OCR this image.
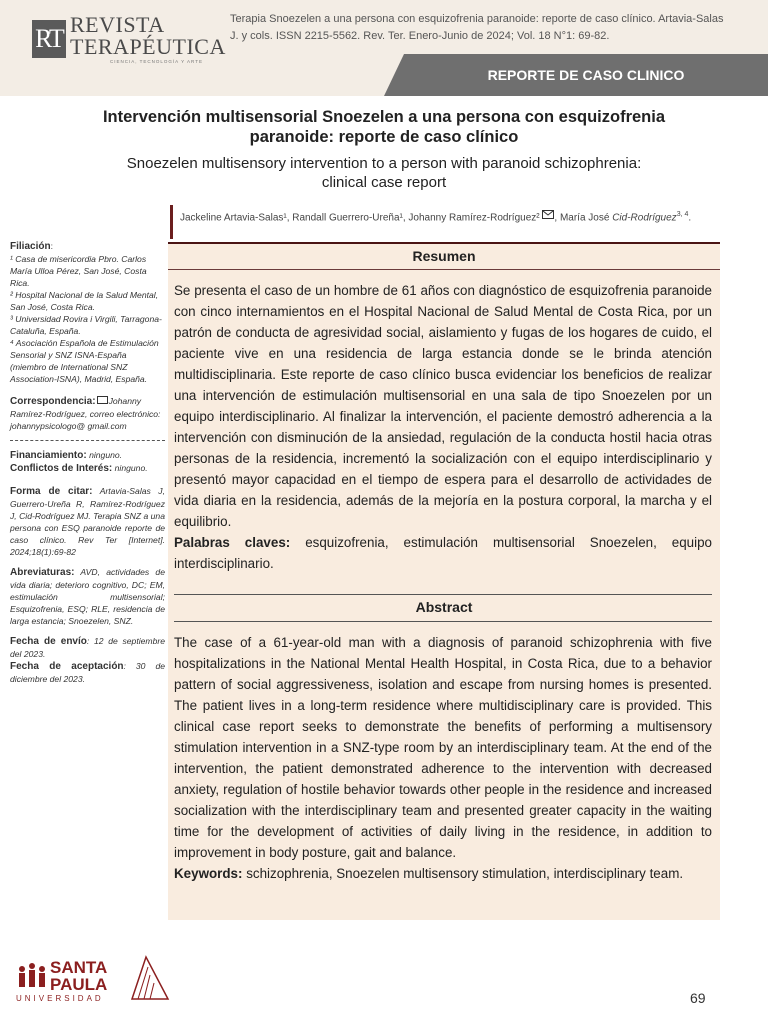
RT REVISTA
TERAPÉUTICA
CIENCIA, TECNOLOGÍA Y ARTE
Terapia Snoezelen a una persona con esquizofrenia paranoide: reporte de caso clínico. Artavia-Salas J. y cols. ISSN 2215-5562. Rev. Ter. Enero-Junio de 2024; Vol. 18 N°1: 69-82.
REPORTE DE CASO CLINICO
Intervención multisensorial Snoezelen a una persona con esquizofrenia paranoide: reporte de caso clínico
Snoezelen multisensory intervention to a person with paranoid schizophrenia:
clinical case report
Jackeline Artavia-Salas¹, Randall Guerrero-Ureña¹, Johanny Ramírez-Rodríguez² , María José Cid-Rodríguez$^{3, 4}$.

Filiación:

¹ Casa de misericordia Pbro. Carlos María Ulloa Pérez, San José, Costa Rica.

² Hospital Nacional de la Salud Mental, San José, Costa Rica.

³ Universidad Rovira i Virgili, Tarragona-Cataluña, España.

⁴ Asociación Española de Estimulación Sensorial y SNZ ISNA-España (miembro de International SNZ Association-ISNA), Madrid, España.

Correspondencia: Johanny Ramírez-Rodríguez, correo electrónico: johannypsicologo@ gmail.com

Financiamiento: ninguno.

Conflictos de Interés: ninguno.

Forma de citar: Artavia-Salas J, Guerrero-Ureña R, Ramírez-Rodríguez J, Cid-Rodríguez MJ. Terapia SNZ a una persona con ESQ paranoide reporte de caso clínico. Rev Ter [Internet]. 2024;18(1):69-82

Abreviaturas: AVD, actividades de vida diaria; deterioro cognitivo, DC; EM, estimulación multisensorial; Esquizofrenia, ESQ; RLE, residencia de larga estancia; Snoezelen, SNZ.

Fecha de envío: 12 de septiembre del 2023.

Fecha de aceptación: 30 de diciembre del 2023.

Resumen

Se presenta el caso de un hombre de 61 años con diagnóstico de esquizofrenia paranoide con cinco internamientos en el Hospital Nacional de Salud Mental de Costa Rica, por un patrón de conducta de agresividad social, aislamiento y fugas de los hogares de cuido, el paciente vive en una residencia de larga estancia donde se le brinda atención multidisciplinaria. Este reporte de caso clínico busca evidenciar los beneficios de realizar una intervención de estimulación multisensorial en una sala de tipo Snoezelen por un equipo interdisciplinario. Al finalizar la intervención, el paciente demostró adherencia a la intervención con disminución de la ansiedad, regulación de la conducta hostil hacia otras personas de la residencia, incrementó la socialización con el equipo interdisciplinario y presentó mayor capacidad en el tiempo de espera para el desarrollo de actividades de vida diaria en la residencia, además de la mejoría en la postura corporal, la marcha y el equilibrio.

Palabras claves: esquizofrenia, estimulación multisensorial Snoezelen, equipo interdisciplinario.

Abstract

The case of a 61-year-old man with a diagnosis of paranoid schizophrenia with five hospitalizations in the National Mental Health Hospital, in Costa Rica, due to a behavior pattern of social aggressiveness, isolation and escape from nursing homes is presented. The patient lives in a long-term residence where multidisciplinary care is provided. This clinical case report seeks to demonstrate the benefits of performing a multisensory stimulation intervention in a SNZ-type room by an interdisciplinary team. At the end of the intervention, the patient demonstrated adherence to the intervention with decreased anxiety, regulation of hostile behavior towards other people in the residence and increased socialization with the interdisciplinary team and presented greater capacity in the waiting time for the development of activities of daily living in the residence, in addition to improvement in body posture, gait and balance.

Keywords: schizophrenia, Snoezelen multisensory stimulation, interdisciplinary team.

SANTA
PAULA
UNIVERSIDAD	69
